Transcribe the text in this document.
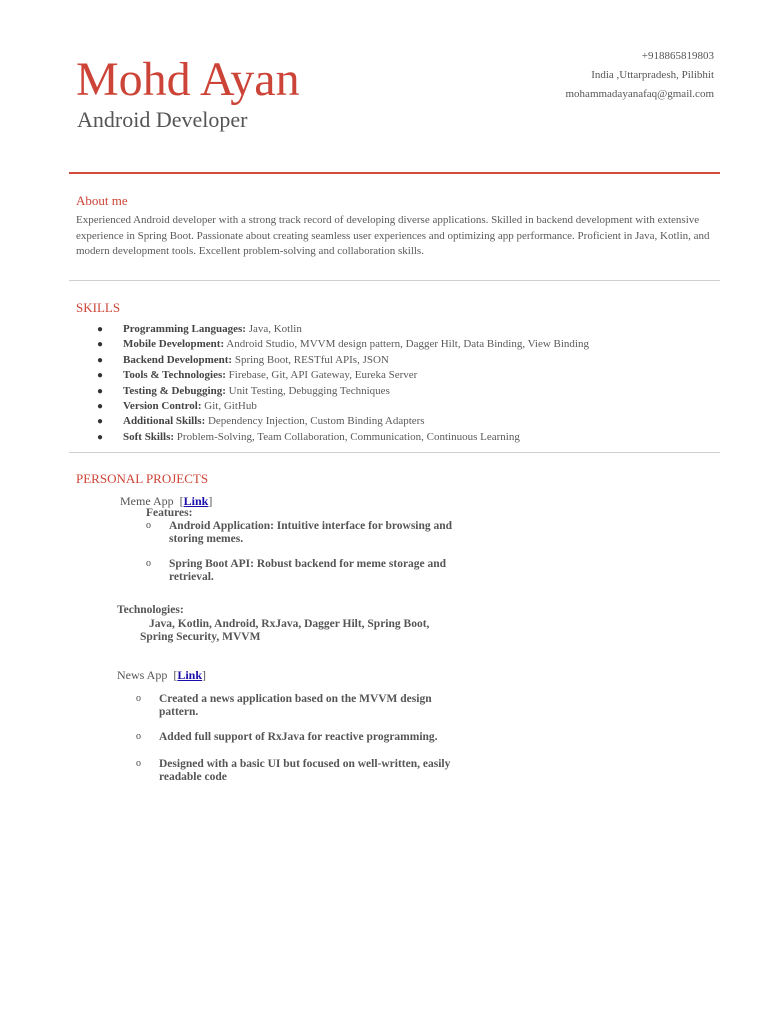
Mohd Ayan
Android Developer
+918865819803
India ,Uttarpradesh, Pilibhit
mohammadayanafaq@gmail.com
About me
Experienced Android developer with a strong track record of developing diverse applications. Skilled in backend development with extensive experience in Spring Boot. Passionate about creating seamless user experiences and optimizing app performance. Proficient in Java, Kotlin, and modern development tools. Excellent problem-solving and collaboration skills.
SKILLS
● Programming Languages: Java, Kotlin
● Mobile Development: Android Studio, MVVM design pattern, Dagger Hilt, Data Binding, View Binding
● Backend Development: Spring Boot, RESTful APIs, JSON
● Tools & Technologies: Firebase, Git, API Gateway, Eureka Server
● Testing & Debugging: Unit Testing, Debugging Techniques
● Version Control: Git, GitHub
● Additional Skills: Dependency Injection, Custom Binding Adapters
● Soft Skills: Problem-Solving, Team Collaboration, Communication, Continuous Learning
PERSONAL PROJECTS
Meme App  [Link]
Features:
o Android Application: Intuitive interface for browsing and storing memes.
o Spring Boot API: Robust backend for meme storage and retrieval.
Technologies:
Java, Kotlin, Android, RxJava, Dagger Hilt, Spring Boot,
Spring Security, MVVM
News App  [Link]
o Created a news application based on the MVVM design pattern.
o Added full support of RxJava for reactive programming.
o Designed with a basic UI but focused on well-written, easily readable code
